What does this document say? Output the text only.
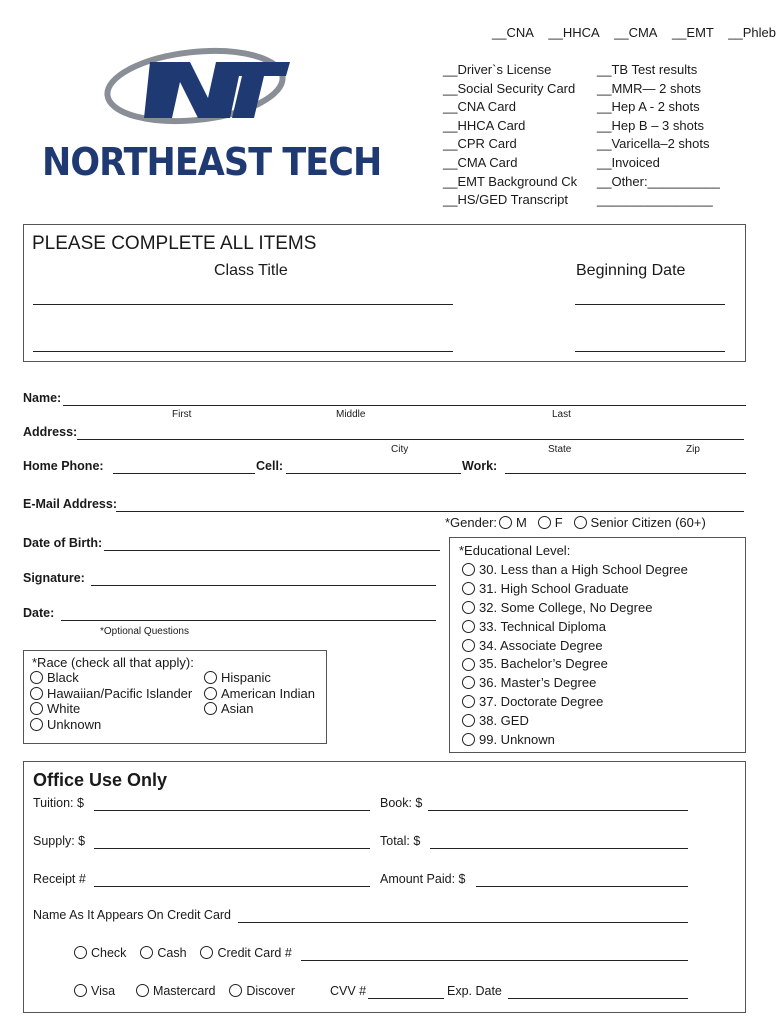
NORTHEAST TECH
__CNA __HHCA __CMA __EMT __Phleb
__Driver`s License
__Social Security Card
__CNA Card
__HHCA Card
__CPR Card
__CMA Card
__EMT Background Ck
__HS/GED Transcript
__TB Test results
__MMR— 2 shots
__Hep A - 2 shots
__Hep B – 3 shots
__Varicella–2 shots
__Invoiced
__Other:__________
________________
PLEASE COMPLETE ALL ITEMS
Class Title	Beginning Date
Name:
First	Middle	Last
Address:
City	State	Zip
Home Phone:	Cell:	Work:
E-Mail Address:
*Gender: M F Senior Citizen (60+)
Date of Birth:
Signature:
Date:
*Optional Questions
*Educational Level:
30. Less than a High School Degree
31. High School Graduate
32. Some College, No Degree
33. Technical Diploma
34. Associate Degree
35. Bachelor’s Degree
36. Master’s Degree
37. Doctorate Degree
38. GED
99. Unknown
*Race (check all that apply):
Black
Hawaiian/Pacific Islander
White
Unknown
Hispanic
American Indian
Asian
Office Use Only
Tuition: $	Book: $
Supply: $	Total: $
Receipt #	Amount Paid: $
Name As It Appears On Credit Card
Check Cash Credit Card #
Visa	Mastercard Discover	CVV #	Exp. Date
